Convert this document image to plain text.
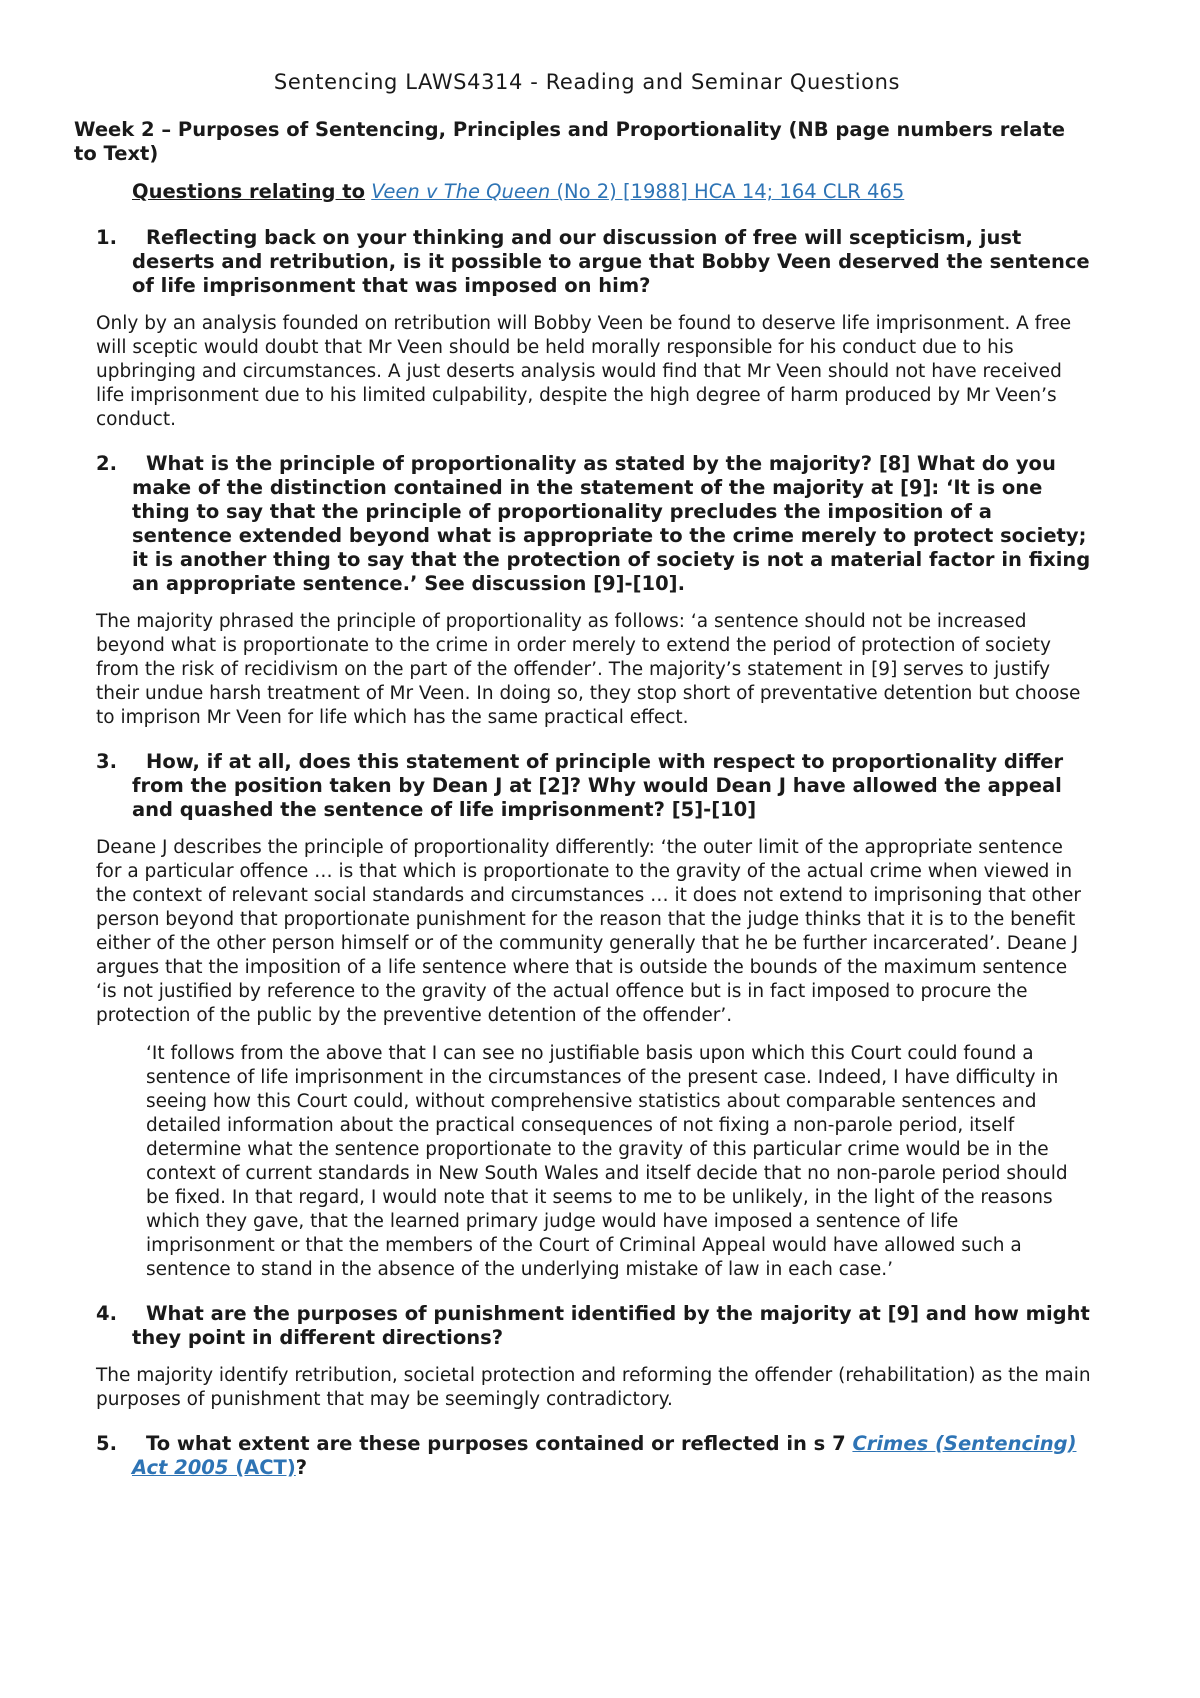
Sentencing LAWS4314 - Reading and Seminar Questions
Week 2 – Purposes of Sentencing, Principles and Proportionality (NB page numbers relate to Text)
Questions relating to Veen v The Queen (No 2) [1988] HCA 14; 164 CLR 465
1.	Reflecting back on your thinking and our discussion of free will scepticism, just deserts and retribution, is it possible to argue that Bobby Veen deserved the sentence of life imprisonment that was imposed on him?
Only by an analysis founded on retribution will Bobby Veen be found to deserve life imprisonment. A free will sceptic would doubt that Mr Veen should be held morally responsible for his conduct due to his upbringing and circumstances. A just deserts analysis would find that Mr Veen should not have received life imprisonment due to his limited culpability, despite the high degree of harm produced by Mr Veen’s conduct.
2.	What is the principle of proportionality as stated by the majority? [8] What do you make of the distinction contained in the statement of the majority at [9]: ‘It is one thing to say that the principle of proportionality precludes the imposition of a sentence extended beyond what is appropriate to the crime merely to protect society; it is another thing to say that the protection of society is not a material factor in fixing an appropriate sentence.’ See discussion [9]-[10].
The majority phrased the principle of proportionality as follows: ‘a sentence should not be increased beyond what is proportionate to the crime in order merely to extend the period of protection of society from the risk of recidivism on the part of the offender’. The majority’s statement in [9] serves to justify their undue harsh treatment of Mr Veen. In doing so, they stop short of preventative detention but choose to imprison Mr Veen for life which has the same practical effect.
3.	How, if at all, does this statement of principle with respect to proportionality differ from the position taken by Dean J at [2]? Why would Dean J have allowed the appeal and quashed the sentence of life imprisonment? [5]-[10]
Deane J describes the principle of proportionality differently: ‘the outer limit of the appropriate sentence for a particular offence … is that which is proportionate to the gravity of the actual crime when viewed in the context of relevant social standards and circumstances … it does not extend to imprisoning that other person beyond that proportionate punishment for the reason that the judge thinks that it is to the benefit either of the other person himself or of the community generally that he be further incarcerated’. Deane J argues that the imposition of a life sentence where that is outside the bounds of the maximum sentence ‘is not justified by reference to the gravity of the actual offence but is in fact imposed to procure the protection of the public by the preventive detention of the offender’.
‘It follows from the above that I can see no justifiable basis upon which this Court could found a sentence of life imprisonment in the circumstances of the present case. Indeed, I have difficulty in seeing how this Court could, without comprehensive statistics about comparable sentences and detailed information about the practical consequences of not fixing a non-parole period, itself determine what the sentence proportionate to the gravity of this particular crime would be in the context of current standards in New South Wales and itself decide that no non-parole period should be fixed. In that regard, I would note that it seems to me to be unlikely, in the light of the reasons which they gave, that the learned primary judge would have imposed a sentence of life imprisonment or that the members of the Court of Criminal Appeal would have allowed such a sentence to stand in the absence of the underlying mistake of law in each case.’
4.	What are the purposes of punishment identified by the majority at [9] and how might they point in different directions?
The majority identify retribution, societal protection and reforming the offender (rehabilitation) as the main purposes of punishment that may be seemingly contradictory.
5.	To what extent are these purposes contained or reflected in s 7 Crimes (Sentencing) Act 2005 (ACT)?
